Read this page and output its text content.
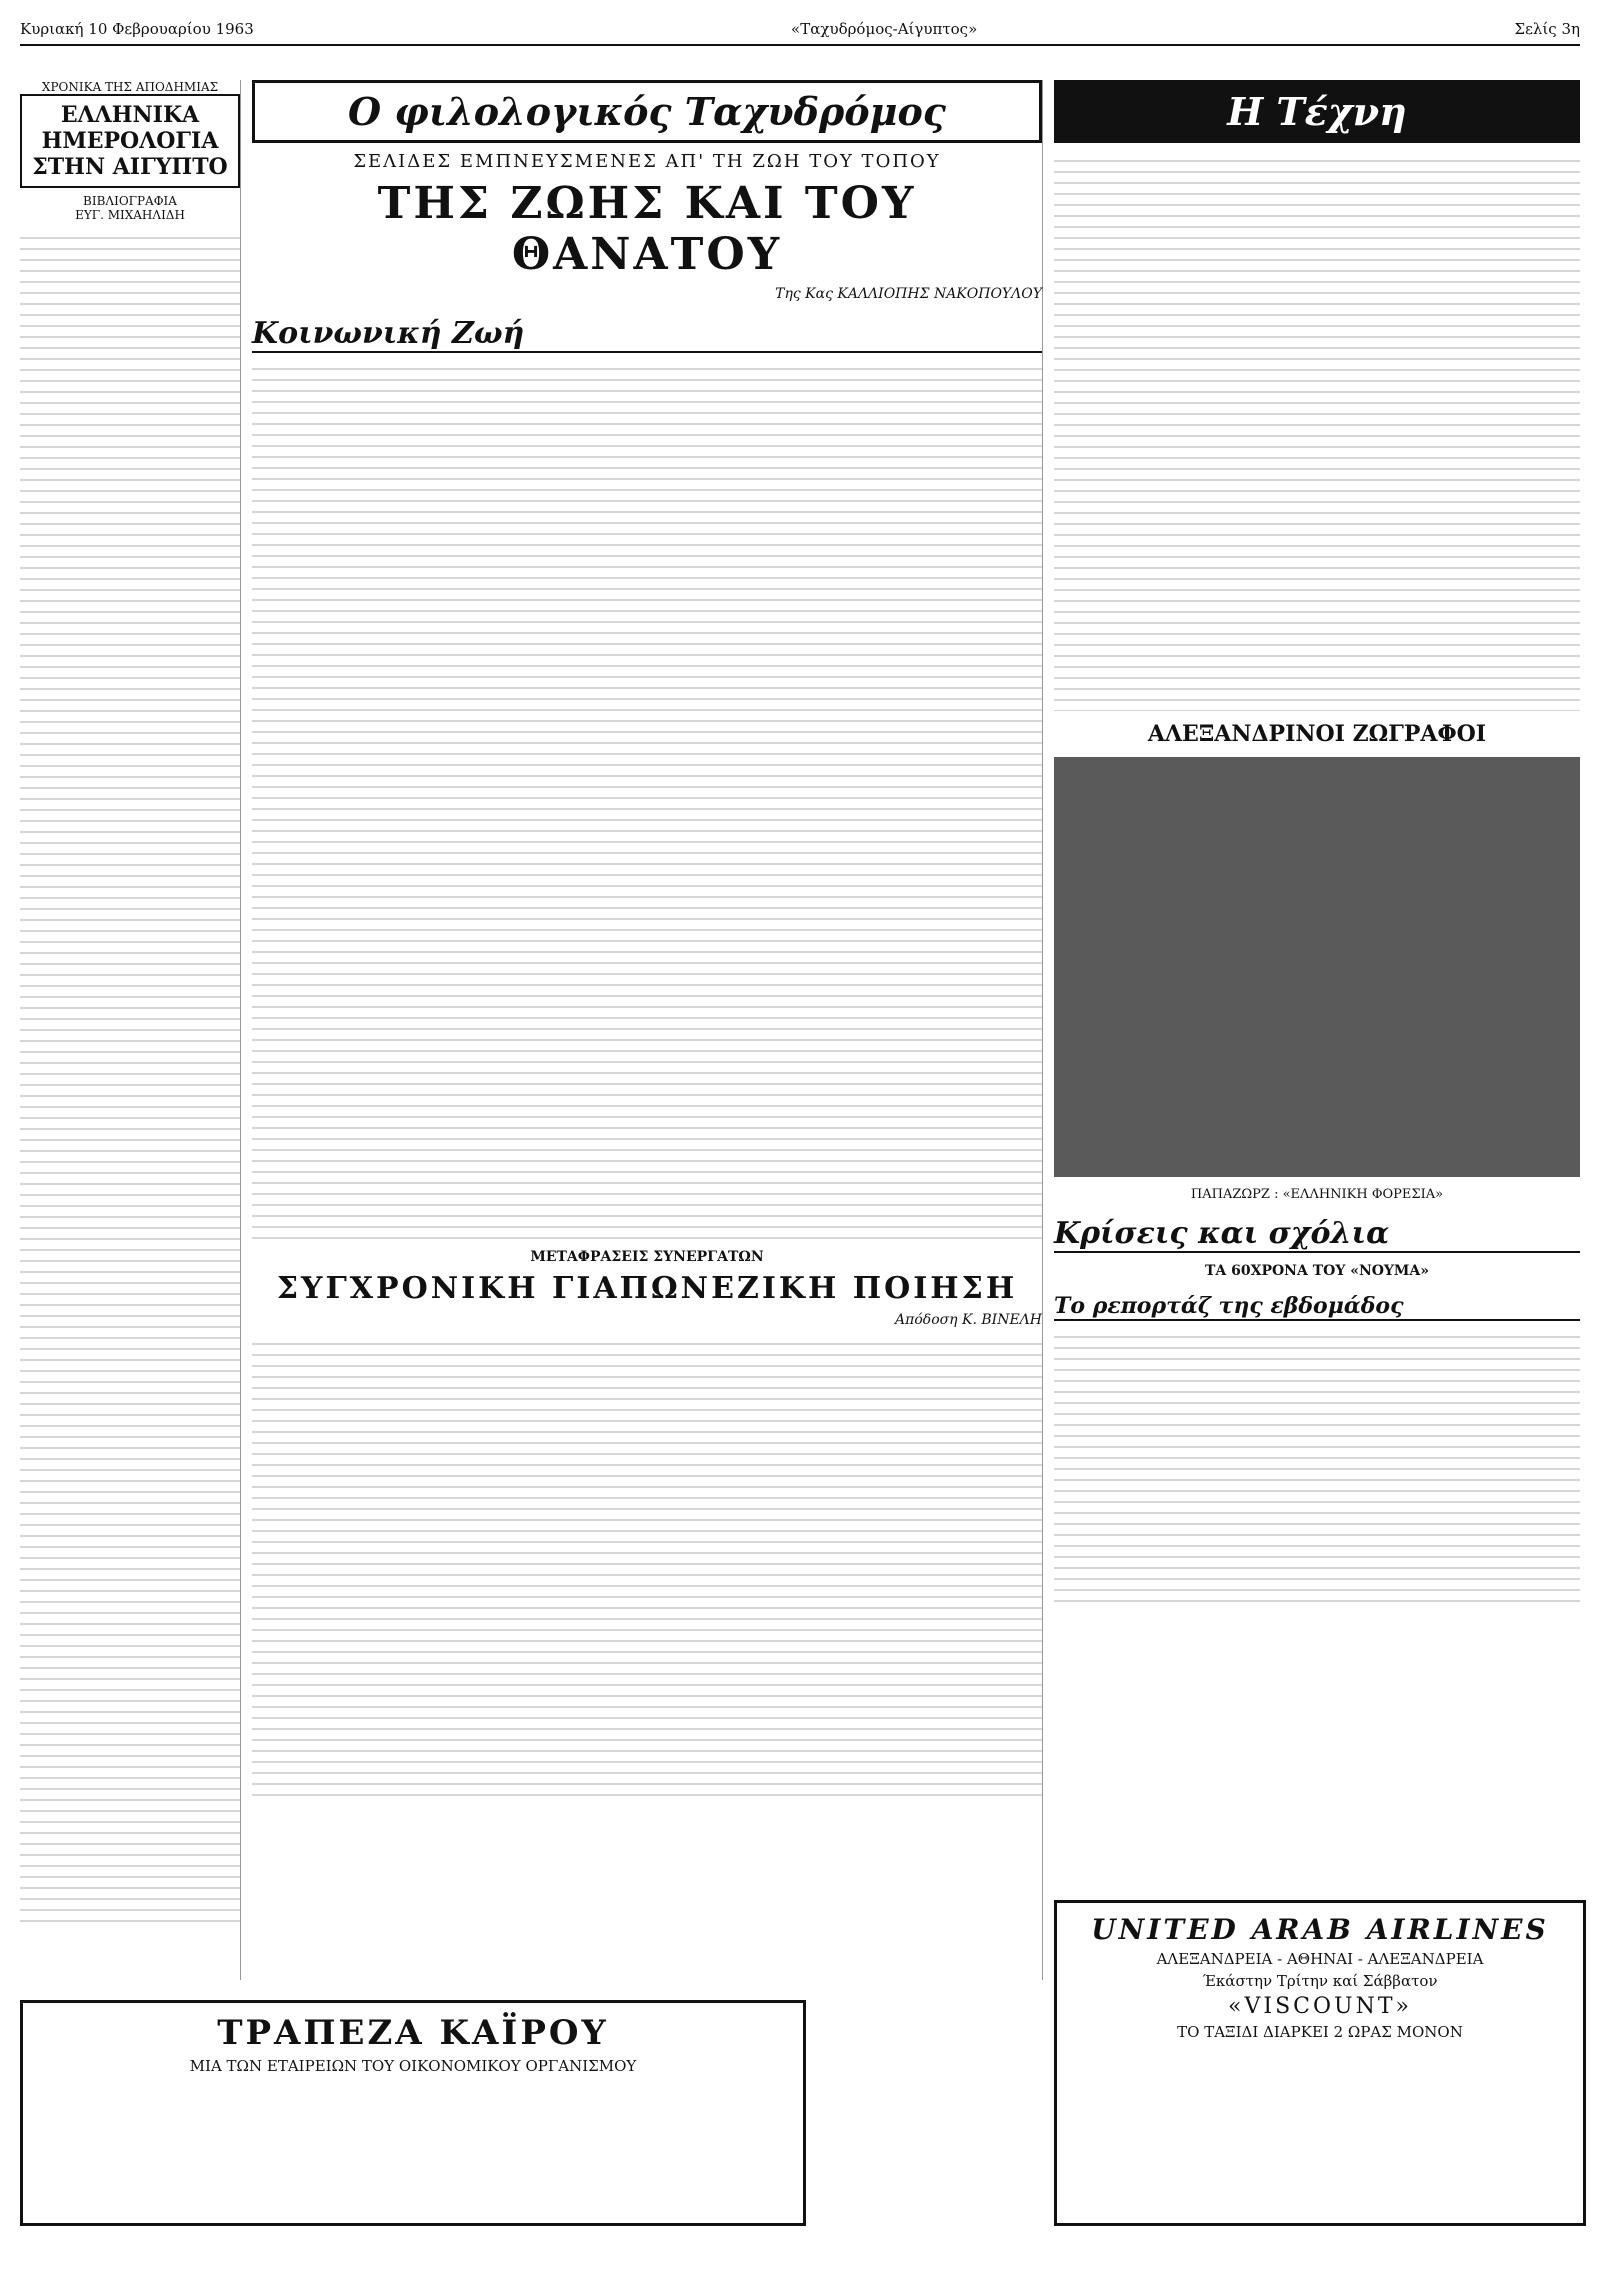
Κυριακή 10 Φεβρουαρίου 1963	«Ταχυδρόμος-Αίγυπτος»	Σελίς 3η
ΧΡΟΝΙΚΑ ΤΗΣ ΑΠΟΔΗΜΙΑΣ
ΕΛΛΗΝΙΚΑ ΗΜΕΡΟΛΟΓΙΑ ΣΤΗΝ ΑΙΓΥΠΤΟ
ΒΙΒΛΙΟΓΡΑΦΙΑ
ΕΥΓ. ΜΙΧΑΗΛΙΔΗ
Ο φιλολογικός Ταχυδρόμος
ΣΕΛΙΔΕΣ ΕΜΠΝΕΥΣΜΕΝΕΣ ΑΠ' ΤΗ ΖΩΗ ΤΟΥ ΤΟΠΟΥ
ΤΗΣ ΖΩΗΣ ΚΑΙ ΤΟΥ ΘΑΝΑΤΟΥ
Της Κας ΚΑΛΛΙΟΠΗΣ ΝΑΚΟΠΟΥΛΟΥ
Κοινωνική Ζωή
ΜΕΤΑΦΡΑΣΕΙΣ ΣΥΝΕΡΓΑΤΩΝ
ΣΥΓΧΡΟΝΙΚΗ ΓΙΑΠΩΝΕΖΙΚΗ ΠΟΙΗΣΗ
Απόδοση Κ. ΒΙΝΕΛΗ
Η Τέχνη
ΑΛΕΞΑΝΔΡΙΝΟΙ ΖΩΓΡΑΦΟΙ
ΠΑΠΑΖΩΡΖ : «ΕΛΛΗΝΙΚΗ ΦΟΡΕΣΙΑ»
Κρίσεις και σχόλια
ΤΑ 60ΧΡΟΝΑ ΤΟΥ «ΝΟΥΜΑ»
Το ρεπορτάζ της εβδομάδος
ΤΡΑΠΕΖΑ ΚΑΪΡΟΥ
ΜΙΑ ΤΩΝ ΕΤΑΙΡΕΙΩΝ ΤΟΥ ΟΙΚΟΝΟΜΙΚΟΥ ΟΡΓΑΝΙΣΜΟΥ
UNITED ARAB AIRLINES
ΑΛΕΞΑΝΔΡΕΙΑ - ΑΘΗΝΑΙ - ΑΛΕΞΑΝΔΡΕΙΑ
Έκάστην Τρίτην καί Σάββατον
«VISCOUNT»
ΤΟ ΤΑΞΙΔΙ ΔΙΑΡΚΕΙ 2 ΩΡΑΣ ΜΟΝΟΝ
